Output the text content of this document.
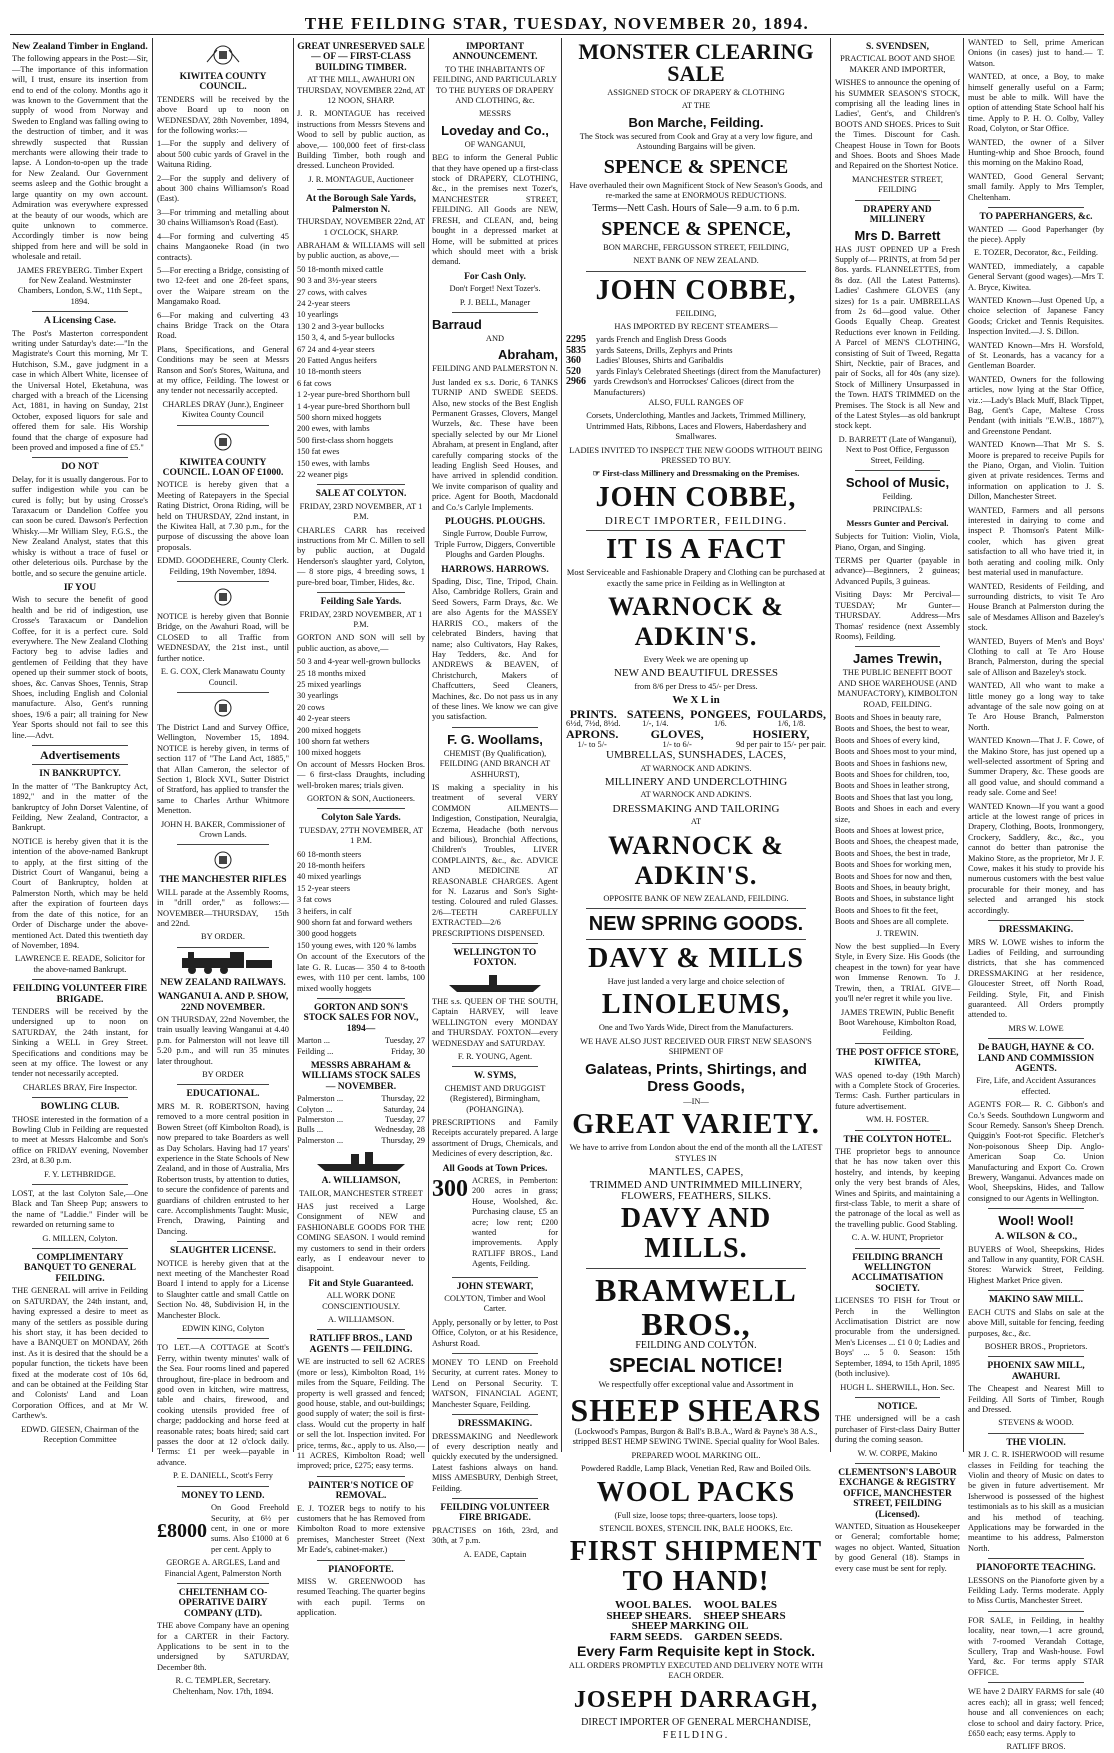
THE FEILDING STAR, TUESDAY, NOVEMBER 20, 1894.
New Zealand Timber in England.

The following appears in the Post:—Sir,—The importance of this information will, I trust, ensure its insertion from end to end of the colony. Months ago it was known to the Government that the supply of wood from Norway and Sweden to England was falling owing to the destruction of timber, and it was shrewdly suspected that Russian merchants were allowing their trade to lapse. A London-to-open up the trade for New Zealand. Our Government seems asleep and the Gothic brought a large quantity on my own account. Admiration was everywhere expressed at the beauty of our woods, which are quite unknown to commerce. Accordingly timber is now being shipped from here and will be sold in wholesale and retail.

JAMES FREYBERG. Timber Expert for New Zealand. Westminster Chambers, London, S.W., 11th Sept., 1894.

A Licensing Case.

The Post's Masterton correspondent writing under Saturday's date:—"In the Magistrate's Court this morning, Mr T. Hutchison, S.M., gave judgment in a case in which Albert White, licensee of the Universal Hotel, Eketahuna, was charged with a breach of the Licensing Act, 1881, in having on Sunday, 21st October, exposed liquors for sale and offered them for sale. His Worship found that the charge of exposure had been proved and imposed a fine of £5."

DO NOT

Delay, for it is usually dangerous. For to suffer indigestion while you can be cured is folly; but by using Crosse's Taraxacum or Dandelion Coffee you can soon be cured. Dawson's Perfection Whisky.—Mr William Sley, F.G.S., the New Zealand Analyst, states that this whisky is without a trace of fusel or other deleterious oils. Purchase by the bottle, and so secure the genuine article.

IF YOU

Wish to secure the benefit of good health and be rid of indigestion, use Crosse's Taraxacum or Dandelion Coffee, for it is a perfect cure. Sold everywhere. The New Zealand Clothing Factory beg to advise ladies and gentlemen of Feilding that they have opened up their summer stock of boots, shoes, &c. Canvas Shoes, Tennis, Strap Shoes, including English and Colonial manufacture. Also, Gent's running shoes, 19/6 a pair; all training for New Year Sports should not fail to see this line.—Advt.

Advertisements
IN BANKRUPTCY.

In the matter of "The Bankruptcy Act, 1892," and in the matter of the bankruptcy of John Dorset Valentine, of Feilding, New Zealand, Contractor, a Bankrupt.

NOTICE is hereby given that it is the intention of the above-named Bankrupt to apply, at the first sitting of the District Court of Wanganui, being a Court of Bankruptcy, holden at Palmerston North, which may be held after the expiration of fourteen days from the date of this notice, for an Order of Discharge under the above-mentioned Act. Dated this twentieth day of November, 1894.

LAWRENCE E. READE, Solicitor for the above-named Bankrupt.

FEILDING VOLUNTEER FIRE BRIGADE.

TENDERS will be received by the undersigned up to noon on SATURDAY, the 24th instant, for Sinking a WELL in Grey Street. Specifications and conditions may be seen at my office. The lowest or any tender not necessarily accepted.

CHARLES BRAY, Fire Inspector.

BOWLING CLUB.

THOSE interested in the formation of a Bowling Club in Feilding are requested to meet at Messrs Halcombe and Son's office on FRIDAY evening, November 23rd, at 8.30 p.m.

F. Y. LETHBRIDGE.

LOST, at the last Colyton Sale,—One Black and Tan Sheep Pup; answers to the name of "Laddie." Finder will be rewarded on returning same to

G. MILLEN, Colyton.

COMPLIMENTARY BANQUET TO GENERAL FEILDING.

THE GENERAL will arrive in Feilding on SATURDAY, the 24th instant, and, having expressed a desire to meet as many of the settlers as possible during his short stay, it has been decided to have a BANQUET on MONDAY, 26th inst. As it is desired that the should be a popular function, the tickets have been fixed at the moderate cost of 10s 6d, and can be obtained at the Feilding Star and Colonists' Land and Loan Corporation Offices, and at Mr W. Carthew's.

EDWD. GIESEN, Chairman of the Reception Committee

KIWITEA COUNTY COUNCIL.

TENDERS will be received by the above Board up to noon on WEDNESDAY, 28th November, 1894, for the following works:—

1—For the supply and delivery of about 500 cubic yards of Gravel in the Waituna Riding.

2—For the supply and delivery of about 300 chains Williamson's Road (East).

3—For trimming and metalling about 30 chains Williamson's Road (East).

4—For forming and culverting 45 chains Mangaoneke Road (in two contracts).

5—For erecting a Bridge, consisting of two 12-feet and one 28-feet spans, over the Waipare stream on the Mangamako Road.

6—For making and culverting 43 chains Bridge Track on the Otara Road.

Plans, Specifications, and General Conditions may be seen at Messrs Ranson and Son's Stores, Waituna, and at my office, Feilding. The lowest or any tender not necessarily accepted.

CHARLES DRAY (Junr.), Engineer Kiwitea County Council

KIWITEA COUNTY COUNCIL. LOAN OF £1000.

NOTICE is hereby given that a Meeting of Ratepayers in the Special Rating District, Orona Riding, will be held on THURSDAY, 22nd instant, in the Kiwitea Hall, at 7.30 p.m., for the purpose of discussing the above loan proposals.

EDMD. GOODEHERE, County Clerk. Feilding, 19th November, 1894.

NOTICE is hereby given that Bonnie Bridge, on the Awahuri Road, will be CLOSED to all Traffic from WEDNESDAY, the 21st inst., until further notice.

E. G. COX, Clerk Manawatu County Council.

The District Land and Survey Office, Wellington, November 15, 1894. NOTICE is hereby given, in terms of section 117 of "The Land Act, 1885," that Allan Cameron, the selector of Section 1, Block XVI., Sutter District of Stratford, has applied to transfer the same to Charles Arthur Whitmore Menetton.

JOHN H. BAKER, Commissioner of Crown Lands.

THE MANCHESTER RIFLES

WILL parade at the Assembly Rooms, in "drill order," as follows:— NOVEMBER—THURSDAY, 15th and 22nd.

BY ORDER.

NEW ZEALAND RAILWAYS.
WANGANUI A. AND P. SHOW, 22ND NOVEMBER.

ON THURSDAY, 22nd November, the train usually leaving Wanganui at 4.40 p.m. for Palmerston will not leave till 5.20 p.m., and will run 35 minutes later throughout.

BY ORDER

EDUCATIONAL.

MRS M. R. ROBERTSON, having removed to a more central position in Bowen Street (off Kimbolton Road), is now prepared to take Boarders as well as Day Scholars. Having had 17 years' experience in the State Schools of New Zealand, and in those of Australia, Mrs Robertson trusts, by attention to duties, to secure the confidence of parents and guardians of children entrusted to her care. Accomplishments Taught: Music, French, Drawing, Painting and Dancing.

SLAUGHTER LICENSE.

NOTICE is hereby given that at the next meeting of the Manchester Road Board I intend to apply for a License to Slaughter cattle and small Cattle on Section No. 48, Subdivision H, in the Manchester Block.

EDWIN KING, Colyton

TO LET.—A COTTAGE at Scott's Ferry, within twenty minutes' walk of the Sea. Four rooms lined and papered throughout, fire-place in bedroom and good oven in kitchen, wire mattress, table and chairs, firewood, and cooking utensils provided free of charge; paddocking and horse feed at reasonable rates; boats hired; said cart passes the door at 12 o'clock daily. Terms: £1 per week—payable in advance.

P. E. DANIELL, Scott's Ferry

MONEY TO LEND.
£8000

On Good Freehold Security, at 6½ per cent, in one or more sums. Also £1000 at 6 per cent. Apply to

GEORGE A. ARGLES, Land and Financial Agent, Palmerston North

CHELTENHAM CO-OPERATIVE DAIRY COMPANY (LTD).

THE above Company have an opening for a CARTER in their Factory. Applications to be sent in to the undersigned by SATURDAY, December 8th.

R. C. TEMPLER, Secretary. Cheltenham, Nov. 17th, 1894.

GREAT UNRESERVED SALE — OF — FIRST-CLASS BUILDING TIMBER.

AT THE MILL, AWAHURI ON THURSDAY, NOVEMBER 22nd, AT 12 NOON, SHARP.

J. R. MONTAGUE has received instructions from Messrs Stevens and Wood to sell by public auction, as above,— 100,000 feet of first-class Building Timber, both rough and dressed. Luncheon Provided.

J. R. MONTAGUE, Auctioneer

At the Borough Sale Yards, Palmerston N.

THURSDAY, NOVEMBER 22nd, AT 1 O'CLOCK, SHARP.

ABRAHAM & WILLIAMS will sell by public auction, as above,—

50 18-month mixed cattle

90 3 and 3½-year steers

27 cows, with calves

24 2-year steers

10 yearlings

130 2 and 3-year bullocks

150 3, 4, and 5-year bullocks

67 24 and 4-year steers

20 Fatted Angus heifers

10 18-month steers

6 fat cows

1 2-year pure-bred Shorthorn bull

1 4-year pure-bred Shorthorn bull

500 shorn mixed hoggets

200 ewes, with lambs

500 first-class shorn hoggets

150 fat ewes

150 ewes, with lambs

22 weaner pigs

SALE AT COLYTON.

FRIDAY, 23RD NOVEMBER, AT 1 P.M.

CHARLES CARR has received instructions from Mr C. Millen to sell by public auction, at Dugald Henderson's slaughter yard, Colyton,— 8 store pigs, 4 breeding sows, 1 pure-bred boar, Timber, Hides, &c.

Feilding Sale Yards.

FRIDAY, 23RD NOVEMBER, AT 1 P.M.

GORTON AND SON will sell by public auction, as above,—

50 3 and 4-year well-grown bullocks

25 18 months mixed

25 mixed yearlings

30 yearlings

20 cows

40 2-year steers

200 mixed hoggets

100 shorn fat wethers

100 mixed hoggets

On account of Messrs Hocken Bros.— 6 first-class Draughts, including well-broken mares; trials given.

GORTON & SON, Auctioneers.

Colyton Sale Yards.

TUESDAY, 27TH NOVEMBER, AT 1 P.M.

60 18-month steers

20 18-month heifers

40 mixed yearlings

15 2-year steers

3 fat cows

3 heifers, in calf

900 shorn fat and forward wethers

300 good hoggets

150 young ewes, with 120 % lambs

On account of the Executors of the late G. R. Lucas— 350 4 to 8-tooth ewes, with 110 per cent. lambs, 100 mixed woolly hoggets

GORTON AND SON'S STOCK SALES FOR NOV., 1894—
Marton ...	Tuesday, 27
Feilding ...	Friday, 30
MESSRS ABRAHAM & WILLIAMS STOCK SALES— NOVEMBER.
Palmerston ...	Thursday, 22
Colyton ...	Saturday, 24
Palmerston ...	Tuesday, 27
Bulls ...	Wednesday, 28
Palmerston ...	Thursday, 29
A. WILLIAMSON,

TAILOR, MANCHESTER STREET

HAS just received a Large Consignment of NEW and FASHIONABLE GOODS FOR THE COMING SEASON. I would remind my customers to send in their orders early, as I endeavour never to disappoint.

Fit and Style Guaranteed.

ALL WORK DONE CONSCIENTIOUSLY.

A. WILLIAMSON.

RATLIFF BROS., LAND AGENTS — FEILDING.

WE are instructed to sell 62 ACRES (more or less), Kimbolton Road, 1½ miles from the Square, Feilding. The property is well grassed and fenced; good house, stable, and out-buildings; good supply of water; the soil is first-class. Would cut the property in half or sell the lot. Inspection invited. For price, terms, &c., apply to us. Also,—11 ACRES, Kimbolton Road; well improved; price, £275; easy terms.

PAINTER'S NOTICE OF REMOVAL.

E. J. TOZER begs to notify to his customers that he has Removed from Kimbolton Road to more extensive premises, Manchester Street (Next Mr Eade's, cabinet-maker.)

PIANOFORTE.

MISS W. GREENWOOD has resumed Teaching. The quarter begins with each pupil. Terms on application.

IMPORTANT ANNOUNCEMENT.

TO THE INHABITANTS OF FEILDING, AND PARTICULARLY TO THE BUYERS OF DRAPERY AND CLOTHING, &c.

MESSRS

Loveday and Co.,

OF WANGANUI,

BEG to inform the General Public that they have opened up a first-class stock of DRAPERY, CLOTHING, &c., in the premises next Tozer's, MANCHESTER STREET, FEILDING. All Goods are NEW, FRESH, and CLEAN, and, being bought in a depressed market at Home, will be submitted at prices which should meet with a brisk demand.

For Cash Only.

Don't Forget! Next Tozer's.

P. J. BELL, Manager

Barraud

AND

Abraham,

FEILDING AND PALMERSTON N.

Just landed ex s.s. Doric, 6 TANKS TURNIP AND SWEDE SEEDS. Also, new stocks of the Best English Permanent Grasses, Clovers, Mangel Wurzels, &c. These have been specially selected by our Mr Lionel Abraham, at present in England, after carefully comparing stocks of the leading English Seed Houses, and have arrived in splendid condition. We invite comparison of quality and price. Agent for Booth, Macdonald and Co.'s Carlyle Implements.

PLOUGHS. PLOUGHS.

Single Furrow, Double Furrow, Triple Furrow, Diggers, Convertible Ploughs and Garden Ploughs.

HARROWS. HARROWS.

Spading, Disc, Tine, Tripod, Chain. Also, Cambridge Rollers, Grain and Seed Sowers, Farm Drays, &c. We are also Agents for the MASSEY HARRIS CO., makers of the celebrated Binders, having that name; also Cultivators, Hay Rakes, Hay Tedders, &c. And for ANDREWS & BEAVEN, of Christchurch, Makers of Chaffcutters, Seed Cleaners, Machines, &c. Do not pass us in any of these lines. We know we can give you satisfaction.

F. G. Woollams,

CHEMIST (By Qualification), FEILDING (AND BRANCH AT ASHHURST),

IS making a speciality in his treatment of several VERY COMMON AILMENTS— Indigestion, Constipation, Neuralgia, Eczema, Headache (both nervous and bilious), Bronchial Affections, Children's Troubles, LIVER COMPLAINTS, &c., &c. ADVICE AND MEDICINE AT REASONABLE CHARGES. Agent for N. Lazarus and Son's Sight-testing. Coloured and ruled Glasses. 2/6—TEETH CAREFULLY EXTRACTED—2/6 PRESCRIPTIONS DISPENSED.

WELLINGTON TO FOXTON.

THE s.s. QUEEN OF THE SOUTH, Captain HARVEY, will leave WELLINGTON every MONDAY and THURSDAY. FOXTON—every WEDNESDAY and SATURDAY.

F. R. YOUNG, Agent.

W. SYMS,

CHEMIST AND DRUGGIST (Registered), Birmingham, (POHANGINA).

PRESCRIPTIONS and Family Receipts accurately prepared. A large assortment of Drugs, Chemicals, and Medicines of every description, &c.

All Goods at Town Prices.
300 ACRES, in Pemberton: 200 acres in grass; House, Woolshed, &c. Purchasing clause, £5 an acre; low rent; £200 wanted for improvements. Apply RATLIFF BROS., Land Agents, Feilding.

JOHN STEWART,

COLYTON, Timber and Wool Carter.

Apply, personally or by letter, to Post Office, Colyton, or at his Residence, Ashurst Road.

MONEY TO LEND on Freehold Security, at current rates. Money to Lend on Personal Security. T. WATSON, FINANCIAL AGENT, Manchester Square, Feilding.

DRESSMAKING.

DRESSMAKING and Needlework of every description neatly and quickly executed by the undersigned. Latest fashions always on hand. MISS AMESBURY, Denbigh Street, Feilding.

FEILDING VOLUNTEER FIRE BRIGADE.

PRACTISES on 16th, 23rd, and 30th, at 7 p.m.

A. EADE, Captain

MONSTER CLEARING SALE

ASSIGNED STOCK OF DRAPERY & CLOTHING

AT THE

Bon Marche, Feilding.

The Stock was secured from Cook and Gray at a very low figure, and Astounding Bargains will be given.

SPENCE & SPENCE

Have overhauled their own Magnificent Stock of New Season's Goods, and re-marked the same at ENORMOUS REDUCTIONS.

Terms—Nett Cash. Hours of Sale—9 a.m. to 6 p.m.

SPENCE & SPENCE,

BON MARCHE, FERGUSSON STREET, FEILDING,

NEXT BANK OF NEW ZEALAND.

JOHN COBBE,

FEILDING,

HAS IMPORTED BY RECENT STEAMERS—

2295	yards French and English Dress Goods
5835	yards Sateens, Drills, Zephyrs and Prints
360	Ladies' Blouses, Shirts and Garibaldis
520	yards Finlay's Celebrated Sheetings (direct from the Manufacturer)
2966 yards Crewdson's and Horrockses' Calicoes (direct from the Manufacturers)

ALSO, FULL RANGES OF

Corsets, Underclothing, Mantles and Jackets, Trimmed Millinery, Untrimmed Hats, Ribbons, Laces and Flowers, Haberdashery and Smallwares.

LADIES INVITED TO INSPECT THE NEW GOODS WITHOUT BEING PRESSED TO BUY.

☞ First-class Millinery and Dressmaking on the Premises.

JOHN COBBE,

DIRECT IMPORTER, FEILDING.

IT IS A FACT

Most Serviceable and Fashionable Drapery and Clothing can be purchased at exactly the same price in Feilding as in Wellington at

WARNOCK & ADKIN'S.

Every Week we are opening up

NEW AND BEAUTIFUL DRESSES

from 8/6 per Dress to 45/- per Dress.

We X L in

PRINTS.
6½d, 7½d, 8½d.
SATEENS,
1/-, 1/4.
PONGEES,
1/6.
FOULARDS,
1/6, 1/8.
APRONS.
1/- to 5/-
GLOVES,
1/- to 6/-
HOSIERY,
9d per pair to 15/- per pair.

UMBRELLAS, SUNSHADES, LACES,

AT WARNOCK AND ADKIN'S.

MILLINERY AND UNDERCLOTHING

AT WARNOCK AND ADKIN'S.

DRESSMAKING AND TAILORING

AT

WARNOCK & ADKIN'S.

OPPOSITE BANK OF NEW ZEALAND, FEILDING.

NEW SPRING GOODS.
DAVY & MILLS

Have just landed a very large and choice selection of

LINOLEUMS,

One and Two Yards Wide, Direct from the Manufacturers.

WE HAVE ALSO JUST RECEIVED OUR FIRST NEW SEASON'S SHIPMENT OF

Galateas, Prints, Shirtings, and Dress Goods,

—IN—

GREAT VARIETY.

We have to arrive from London about the end of the month all the LATEST STYLES IN

MANTLES, CAPES,

TRIMMED AND UNTRIMMED MILLINERY, FLOWERS, FEATHERS, SILKS.

DAVY AND MILLS.
BRAMWELL BROS.,

FEILDING AND COLYTON.

SPECIAL NOTICE!

We respectfully offer exceptional value and Assortment in

SHEEP SHEARS

(Lockwood's Pampas, Burgon & Ball's B.B.A., Ward & Payne's 38 A.S., stripped BEST HEMP SEWING TWINE. Special quality for Wool Bales.

PREPARED WOOL MARKING OIL.

Powdered Raddle, Lamp Black, Venetian Red, Raw and Boiled Oils.

WOOL PACKS

(Full size, loose tops; three-quarters, loose tops).

STENCIL BOXES, STENCIL INK, BALE HOOKS, Etc.

FIRST SHIPMENT TO HAND!
WOOL BALES. WOOL BALES
SHEEP SHEARS. SHEEP SHEARS
SHEEP MARKING OIL
FARM SEEDS. GARDEN SEEDS.
Every Farm Requisite kept in Stock.

ALL ORDERS PROMPTLY EXECUTED AND DELIVERY NOTE WITH EACH ORDER.

JOSEPH DARRAGH,

DIRECT IMPORTER OF GENERAL MERCHANDISE,

FEILDING.

S. SVENDSEN,

PRACTICAL BOOT AND SHOE MAKER AND IMPORTER,

WISHES to announce the opening of his SUMMER SEASON'S STOCK, comprising all the leading lines in Ladies', Gent's, and Children's BOOTS AND SHOES. Prices to Suit the Times. Discount for Cash. Cheapest House in Town for Boots and Shoes. Boots and Shoes Made and Repaired on the Shortest Notice.

MANCHESTER STREET, FEILDING

DRAPERY AND MILLINERY
Mrs D. Barrett

HAS JUST OPENED UP a Fresh Supply of— PRINTS, at from 5d per 8os. yards. FLANNELETTES, from 8s doz. (All the Latest Patterns). Ladies' Cashmere GLOVES (any sizes) for 1s a pair. UMBRELLAS from 2s 6d—good value. Other Goods Equally Cheap. Greatest Reductions ever known in Feilding. A Parcel of MEN'S CLOTHING, consisting of Suit of Tweed, Regatta Shirt, Necktie, pair of Braces, and pair of Socks, all for 40s (any size). Stock of Millinery Unsurpassed in the Town. HATS TRIMMED on the Premises. The Stock is all New and of the Latest Styles—as old bankrupt stock kept.

D. BARRETT (Late of Wanganui), Next to Post Office, Fergusson Street, Feilding.

School of Music,

Feilding.

PRINCIPALS:

Messrs Gunter and Percival.

Subjects for Tuition: Violin, Viola, Piano, Organ, and Singing.

TERMS per Quarter (payable in advance)—Beginners, 2 guineas; Advanced Pupils, 3 guineas.

Visiting Days: Mr Percival—TUESDAY; Mr Gunter—THURSDAY. Address—Mrs Thomas' residence (next Assembly Rooms), Feilding.

James Trewin,

THE PUBLIC BENEFIT BOOT AND SHOE WAREHOUSE (AND MANUFACTORY), KIMBOLTON ROAD, FEILDING.

Boots and Shoes in beauty rare,

Boots and Shoes, the best to wear,

Boots and Shoes of every kind,

Boots and Shoes most to your mind,

Boots and Shoes in fashions new,

Boots and Shoes for children, too,

Boots and Shoes in leather strong,

Boots and Shoes that last you long,

Boots and Shoes in each and every size,

Boots and Shoes at lowest price,

Boots and Shoes, the cheapest made,

Boots and Shoes, the best in trade,

Boots and Shoes for working men,

Boots and Shoes for now and then,

Boots and Shoes, in beauty bright,

Boots and Shoes, in substance light

Boots and Shoes to fit the feet,

Boots and Shoes are all complete.

J. TREWIN.

Now the best supplied—In Every Style, in Every Size. His Goods (the cheapest in the town) for year have won Immense Renown. To J. Trewin, then, a TRIAL GIVE—you'll ne'er regret it while you live.

JAMES TREWIN, Public Benefit Boot Warehouse, Kimbolton Road, Feilding.

THE POST OFFICE STORE, KIWITEA,

WAS opened to-day (19th March) with a Complete Stock of Groceries. Terms: Cash. Further particulars in future advertisement.

WM. H. FOSTER.

THE COLYTON HOTEL.

THE proprietor begs to announce that he has now taken over this hostelry, and intends, by keeping only the very best brands of Ales, Wines and Spirits, and maintaining a first-class Table, to merit a share of the patronage of the local as well as the travelling public. Good Stabling.

C. A. W. HUNT, Proprietor

FEILDING BRANCH WELLINGTON ACCLIMATISATION SOCIETY.

LICENSES TO FISH for Trout or Perch in the Wellington Acclimatisation District are now procurable from the undersigned. Men's Licenses ... £1 0 0; Ladies and Boys' ... 5 0. Season: 15th September, 1894, to 15th April, 1895 (both inclusive).

HUGH L. SHERWILL, Hon. Sec.

NOTICE.

THE undersigned will be a cash purchaser of First-class Dairy Butter during the coming season.

W. W. CORPE, Makino

CLEMENTSON'S LABOUR EXCHANGE & REGISTRY OFFICE, MANCHESTER STREET, FEILDING (Licensed).

WANTED, Situation as Housekeeper or General; comfortable home; wages no object. Wanted, Situation by good General (18). Stamps in every case must be sent for reply.

WANTED to Sell, prime American Onions (in cases) just to hand.— T. Watson.

WANTED, at once, a Boy, to make himself generally useful on a Farm; must be able to milk. Will have the option of attending State School half his time. Apply to P. H. O. Colby, Valley Road, Colyton, or Star Office.

WANTED, the owner of a Silver Hunting-whip and Shoe Brooch, found this morning on the Makino Road,

WANTED, Good General Servant; small family. Apply to Mrs Templer, Cheltenham.

TO PAPERHANGERS, &c.

WANTED — Good Paperhanger (by the piece). Apply

E. TOZER, Decorator, &c., Feilding.

WANTED, immediately, a capable General Servant (good wages).—Mrs T. A. Bryce, Kiwitea.

WANTED Known—Just Opened Up, a choice selection of Japanese Fancy Goods; Cricket and Tennis Requisites. Inspection Invited.—J. S. Dillon.

WANTED Known—Mrs H. Worsfold, of St. Leonards, has a vacancy for a Gentleman Boarder.

WANTED, Owners for the following articles, now lying at the Star Office, viz.:—Lady's Black Muff, Black Tippet, Bag, Gent's Cape, Maltese Cross Pendant (with initials "E.W.B., 1887"), and Greenstone Pendant.

WANTED Known—That Mr S. S. Moore is prepared to receive Pupils for the Piano, Organ, and Violin. Tuition given at private residences. Terms and information on application to J. S. Dillon, Manchester Street.

WANTED, Farmers and all persons interested in dairying to come and inspect P. Thomson's Patent Milk-cooler, which has given great satisfaction to all who have tried it, in both aerating and cooling milk. Only best material used in manufacture.

WANTED, Residents of Feilding, and surrounding districts, to visit Te Aro House Branch at Palmerston during the sale of Mesdames Allison and Bazeley's stock.

WANTED, Buyers of Men's and Boys' Clothing to call at Te Aro House Branch, Palmerston, during the special sale of Allison and Bazeley's stock.

WANTED, All who want to make a little money go a long way to take advantage of the sale now going on at Te Aro House Branch, Palmerston North.

WANTED Known—That J. F. Cowe, of the Makino Store, has just opened up a well-selected assortment of Spring and Summer Drapery, &c. These goods are all good value, and should command a ready sale. Come and See!

WANTED Known—If you want a good article at the lowest range of prices in Drapery, Clothing, Boots, Ironmongery, Crockery, Saddlery, &c., &c., you cannot do better than patronise the Makino Store, as the proprietor, Mr J. F. Cowe, makes it his study to provide his numerous customers with the best value procurable for their money, and has selected and arranged his stock accordingly.

DRESSMAKING.

MRS W. LOWE wishes to inform the Ladies of Feilding, and surrounding districts, that she has commenced DRESSMAKING at her residence, Gloucester Street, off North Road, Feilding. Style, Fit, and Finish guaranteed. All Orders promptly attended to.

MRS W. LOWE

De BAUGH, HAYNE & CO. LAND AND COMMISSION AGENTS.

Fire, Life, and Accident Assurances effected.

AGENTS FOR— R. C. Gibbon's and Co.'s Seeds. Southdown Lungworm and Scour Remedy. Sanson's Sheep Drench. Quiggin's Foot-rot Specific. Fletcher's Non-poisonous Sheep Dip. Anglo-American Soap Co. Union Manufacturing and Export Co. Crown Brewery, Wanganui. Advances made on Wool, Sheepskins, Hides, and Tallow consigned to our Agents in Wellington.

Wool! Wool!
A. WILSON & CO.,

BUYERS of Wool, Sheepskins, Hides and Tallow in any quantity, FOR CASH. Stores: Warwick Street, Feilding. Highest Market Price given.

MAKINO SAW MILL.

EACH CUTS and Slabs on sale at the above Mill, suitable for fencing, feeding purposes, &c., &c.

BOSHER BROS., Proprietors.

PHOENIX SAW MILL, AWAHURI.

The Cheapest and Nearest Mill to Feilding. All Sorts of Timber, Rough and Dressed.

STEVENS & WOOD.

THE VIOLIN.

MR J. C. R. ISHERWOOD will resume classes in Feilding for teaching the Violin and theory of Music on dates to be given in future advertisement. Mr Isherwood is possessed of the highest testimonials as to his skill as a musician and his method of teaching. Applications may be forwarded in the meantime to his address, Palmerston North.

PIANOFORTE TEACHING.

LESSONS on the Pianoforte given by a Feilding Lady. Terms moderate. Apply to Miss Curtis, Manchester Street.

FOR SALE, in Feilding, in healthy locality, near town,—1 acre ground, with 7-roomed Verandah Cottage, Scullery, Trap and Wash-house. Fowl Yard, &c. For terms apply STAR OFFICE.

WE have 2 DAIRY FARMS for sale (40 acres each); all in grass; well fenced; house and all conveniences on each; close to school and dairy factory. Price, £650 each; easy terms. Apply to

RATLIFF BROS.
